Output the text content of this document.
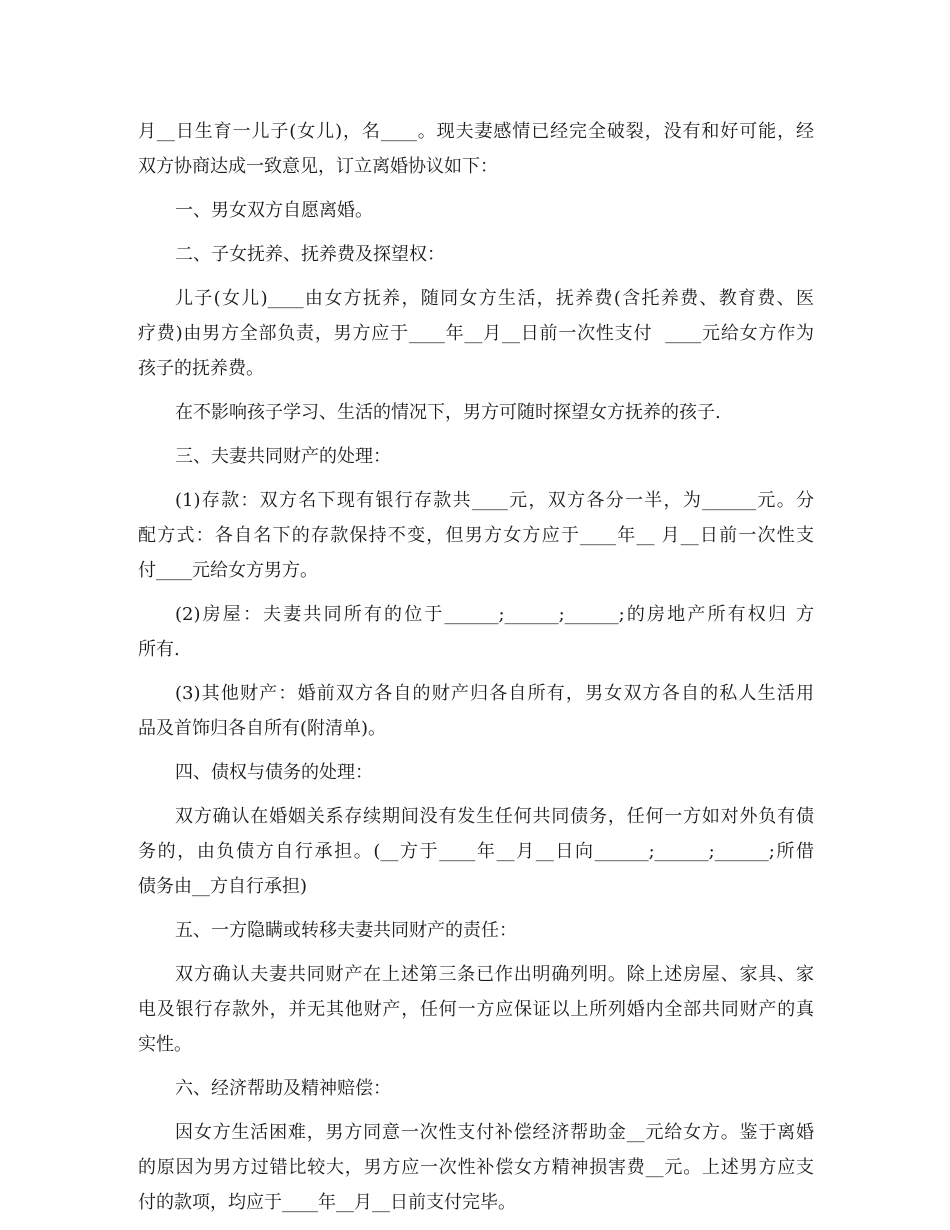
月__日生育一儿子(女儿)，名____。现夫妻感情已经完全破裂，没有和好可能，经
双方协商达成一致意见，订立离婚协议如下：
一、男女双方自愿离婚。
二、子女抚养、抚养费及探望权：
儿子(女儿)____由女方抚养，随同女方生活，抚养费(含托养费、教育费、医
疗费)由男方全部负责，男方应于____年__月__日前一次性支付  ____元给女方作为
孩子的抚养费。
在不影响孩子学习、生活的情况下，男方可随时探望女方抚养的孩子.
三、夫妻共同财产的处理：
(1)存款：双方名下现有银行存款共____元，双方各分一半，为______元。分
配方式：各自名下的存款保持不变，但男方女方应于____年__ 月__日前一次性支
付____元给女方男方。
(2)房屋：夫妻共同所有的位于______;______;______;的房地产所有权归 方
所有.
(3)其他财产：婚前双方各自的财产归各自所有，男女双方各自的私人生活用
品及首饰归各自所有(附清单)。
四、债权与债务的处理：
双方确认在婚姻关系存续期间没有发生任何共同债务，任何一方如对外负有债
务的，由负债方自行承担。(__方于____年__月__日向______;______;______;所借
债务由__方自行承担)
五、一方隐瞒或转移夫妻共同财产的责任：
双方确认夫妻共同财产在上述第三条已作出明确列明。除上述房屋、家具、家
电及银行存款外，并无其他财产，任何一方应保证以上所列婚内全部共同财产的真
实性。
六、经济帮助及精神赔偿：
因女方生活困难，男方同意一次性支付补偿经济帮助金__元给女方。鉴于离婚
的原因为男方过错比较大，男方应一次性补偿女方精神损害费__元。上述男方应支
付的款项，均应于____年__月__日前支付完毕。
